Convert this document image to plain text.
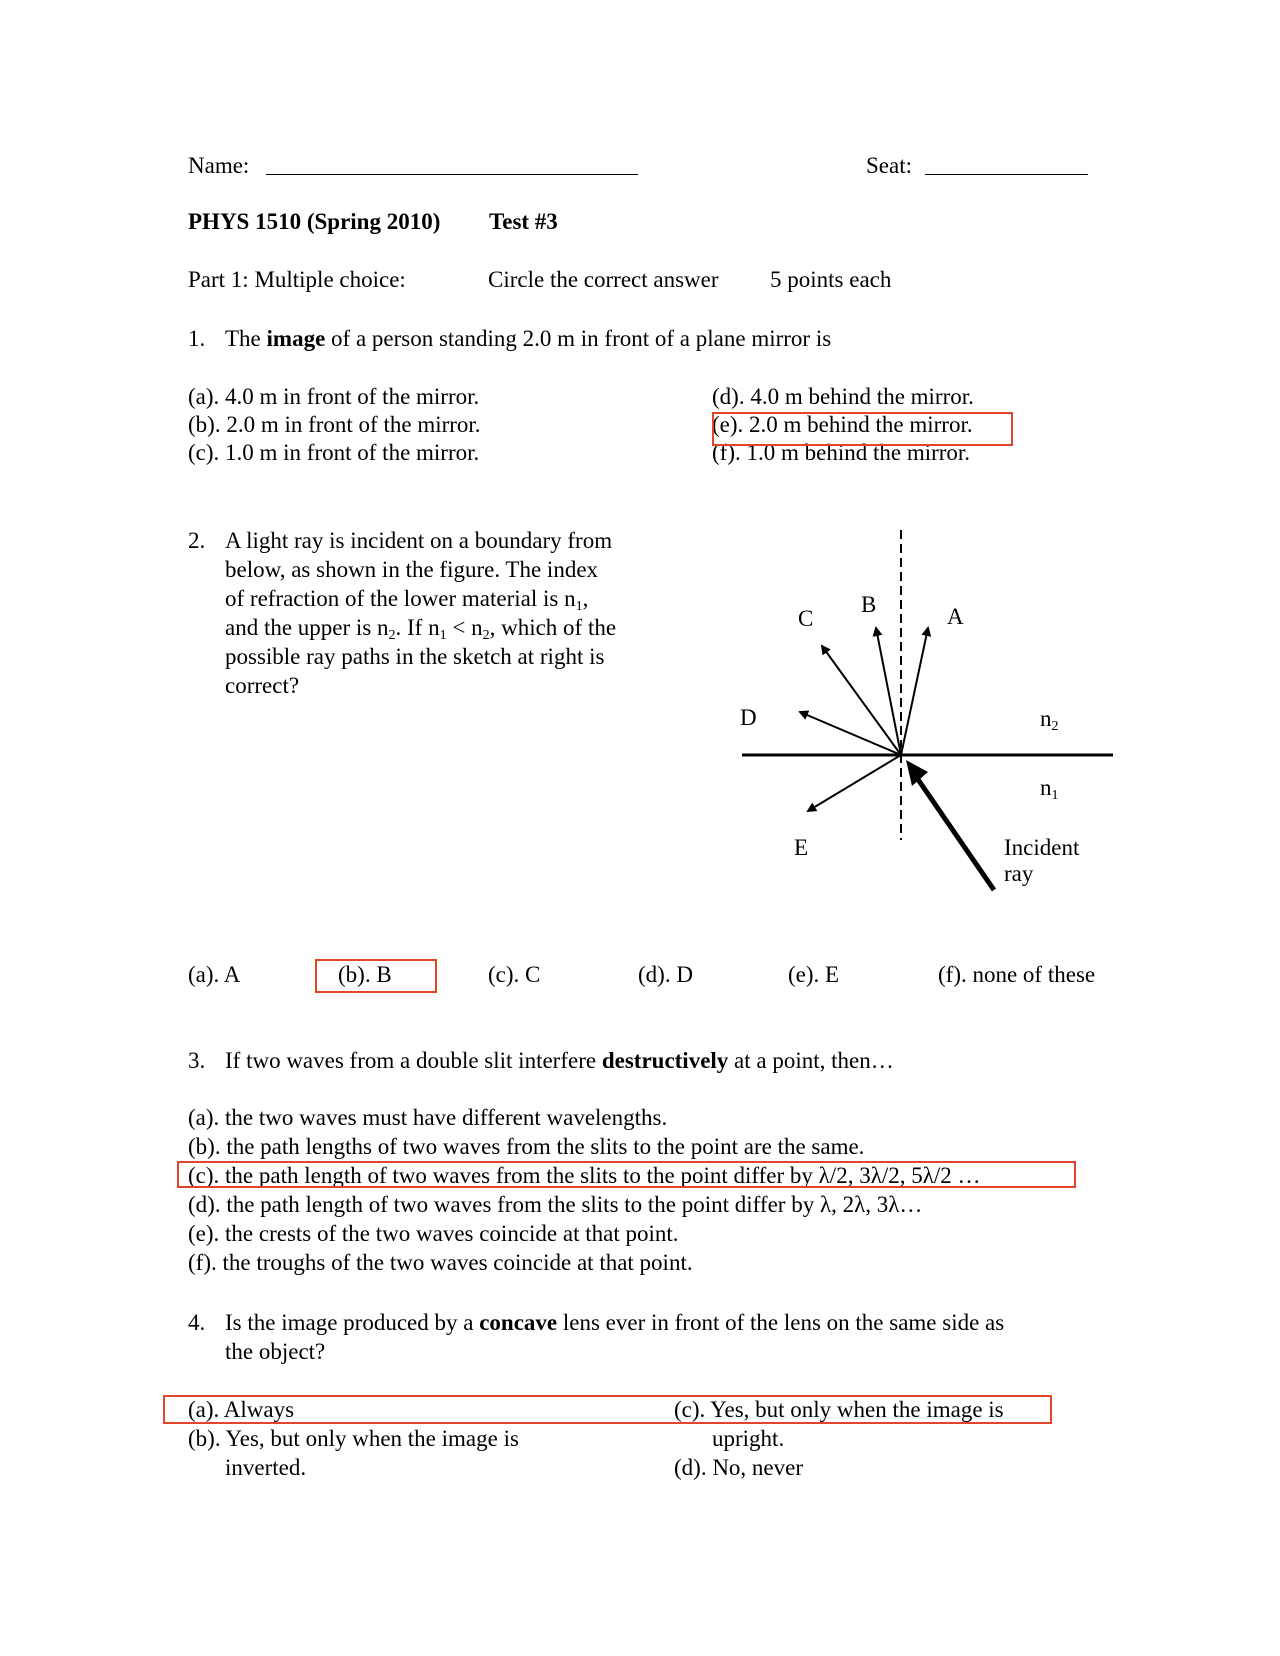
Name:	Seat:
PHYS 1510 (Spring 2010) Test #3
Part 1: Multiple choice:	Circle the correct answer 5 points each
1. The image of a person standing 2.0 m in front of a plane mirror is
(a). 4.0 m in front of the mirror.
(b). 2.0 m in front of the mirror.
(c). 1.0 m in front of the mirror.
(d). 4.0 m behind the mirror.
(e). 2.0 m behind the mirror.
(f). 1.0 m behind the mirror.
2. A light ray is incident on a boundary from
below, as shown in the figure. The index
of refraction of the lower material is $n_1$,
and the upper is $n_2$. If $n_1 < n_2$, which of the
possible ray paths in the sketch at right is
correct?
A
B
C
D
E
$n_2$
$n_1$
Incident
ray
(a). A	(b). B	(c). C	(d). D	(e). E	(f). none of these
3. If two waves from a double slit interfere destructively at a point, then…
(a). the two waves must have different wavelengths.
(b). the path lengths of two waves from the slits to the point are the same.
(c). the path length of two waves from the slits to the point differ by λ/2, 3λ/2, 5λ/2 …
(d). the path length of two waves from the slits to the point differ by λ, 2λ, 3λ…
(e). the crests of the two waves coincide at that point.
(f). the troughs of the two waves coincide at that point.
4. Is the image produced by a concave lens ever in front of the lens on the same side as
the object?
(a). Always
(b). Yes, but only when the image is
inverted.
(c). Yes, but only when the image is
upright.
(d). No, never
